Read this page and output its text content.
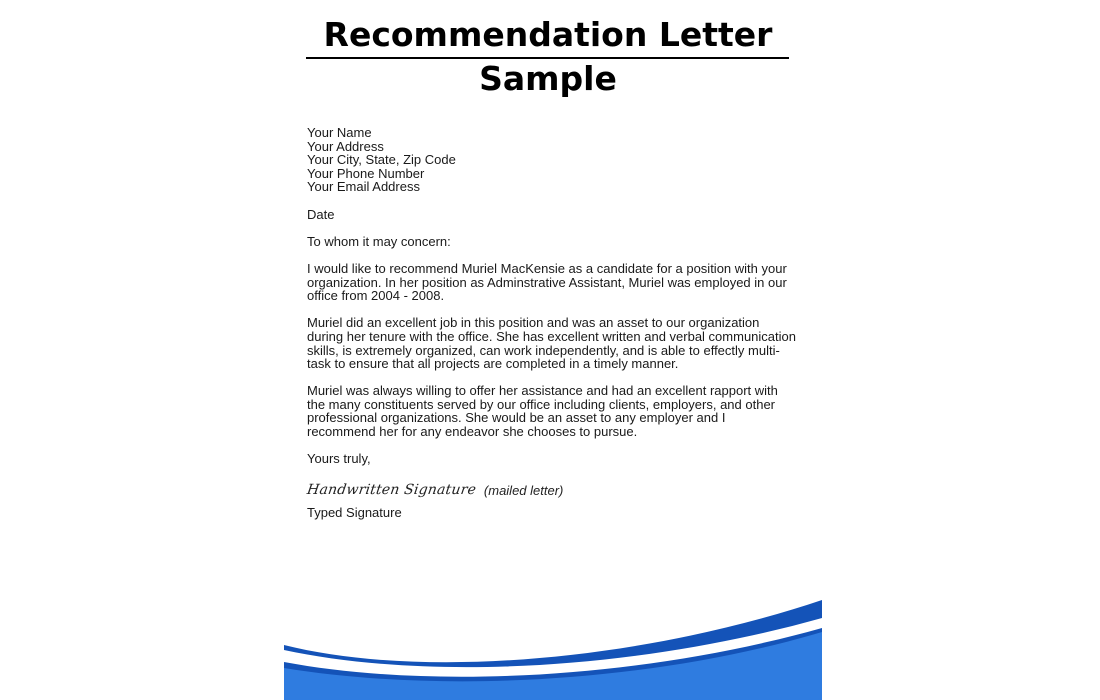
Recommendation Letter
Sample
Your Name
Your Address
Your City, State, Zip Code
Your Phone Number
Your Email Address

Date

To whom it may concern:

I would like to recommend Muriel MacKensie as a candidate for a position with your organization. In her position as Adminstrative Assistant, Muriel was employed in our office from 2004 - 2008.

Muriel did an excellent job in this position and was an asset to our organization during her tenure with the office. She has excellent written and verbal communication skills, is extremely organized, can work independently, and is able to effectly multi-task to ensure that all projects are completed in a timely manner.

Muriel was always willing to offer her assistance and had an excellent rapport with the many constituents served by our office including clients, employers, and other professional organizations. She would be an asset to any employer and I recommend her for any endeavor she chooses to pursue.

Yours truly,

Handwritten Signature (mailed letter)

Typed Signature
